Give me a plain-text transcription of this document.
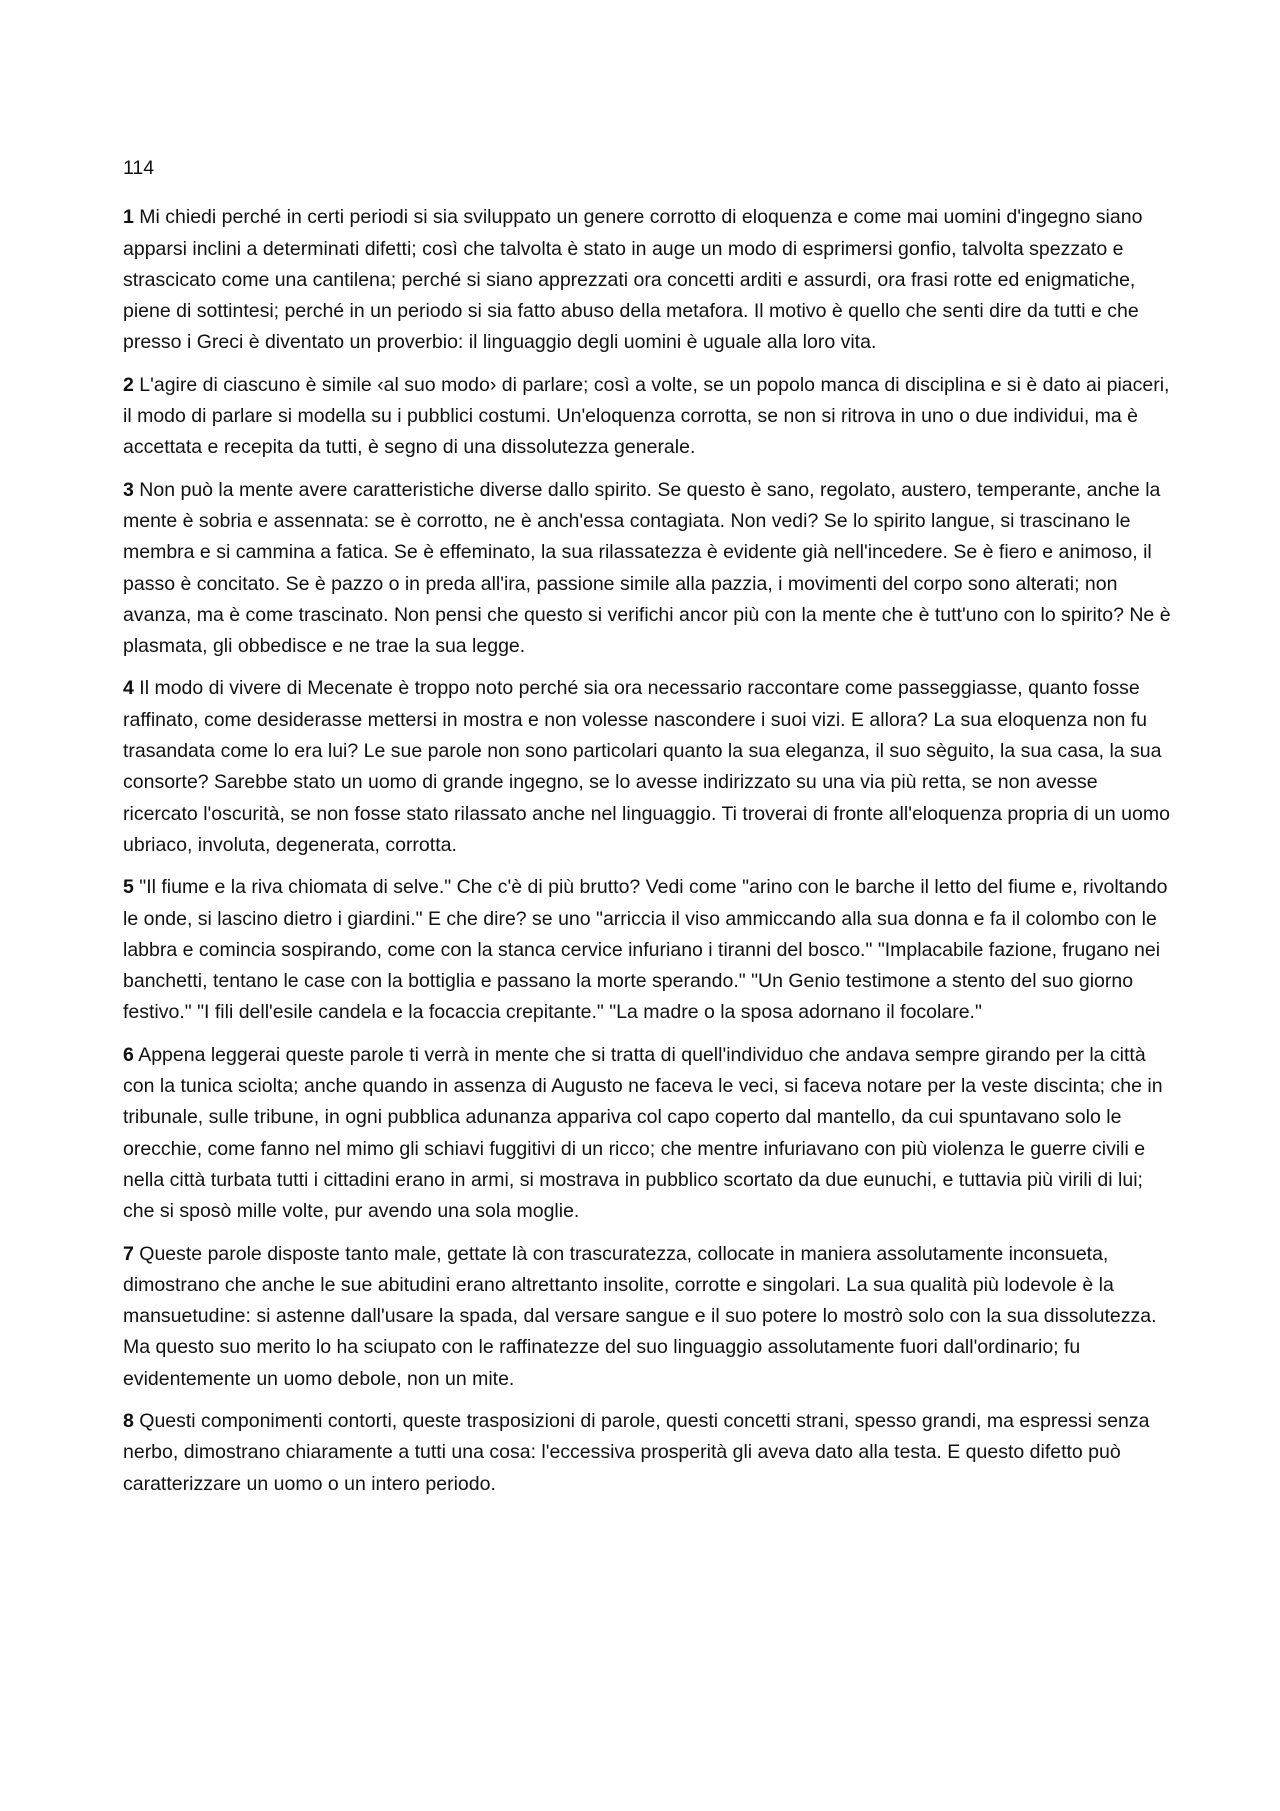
114

1 Mi chiedi perché in certi periodi si sia sviluppato un genere corrotto di eloquenza e come mai uomini d'ingegno siano apparsi inclini a determinati difetti; così che talvolta è stato in auge un modo di esprimersi gonfio, talvolta spezzato e strascicato come una cantilena; perché si siano apprezzati ora concetti arditi e assurdi, ora frasi rotte ed enigmatiche, piene di sottintesi; perché in un periodo si sia fatto abuso della metafora. Il motivo è quello che senti dire da tutti e che presso i Greci è diventato un proverbio: il linguaggio degli uomini è uguale alla loro vita.

2 L'agire di ciascuno è simile ‹al suo modo› di parlare; così a volte, se un popolo manca di disciplina e si è dato ai piaceri, il modo di parlare si modella su i pubblici costumi. Un'eloquenza corrotta, se non si ritrova in uno o due individui, ma è accettata e recepita da tutti, è segno di una dissolutezza generale.

3 Non può la mente avere caratteristiche diverse dallo spirito. Se questo è sano, regolato, austero, temperante, anche la mente è sobria e assennata: se è corrotto, ne è anch'essa contagiata. Non vedi? Se lo spirito langue, si trascinano le membra e si cammina a fatica. Se è effeminato, la sua rilassatezza è evidente già nell'incedere. Se è fiero e animoso, il passo è concitato. Se è pazzo o in preda all'ira, passione simile alla pazzia, i movimenti del corpo sono alterati; non avanza, ma è come trascinato. Non pensi che questo si verifichi ancor più con la mente che è tutt'uno con lo spirito? Ne è plasmata, gli obbedisce e ne trae la sua legge.

4 Il modo di vivere di Mecenate è troppo noto perché sia ora necessario raccontare come passeggiasse, quanto fosse raffinato, come desiderasse mettersi in mostra e non volesse nascondere i suoi vizi. E allora? La sua eloquenza non fu trasandata come lo era lui? Le sue parole non sono particolari quanto la sua eleganza, il suo sèguito, la sua casa, la sua consorte? Sarebbe stato un uomo di grande ingegno, se lo avesse indirizzato su una via più retta, se non avesse ricercato l'oscurità, se non fosse stato rilassato anche nel linguaggio. Ti troverai di fronte all'eloquenza propria di un uomo ubriaco, involuta, degenerata, corrotta.

5 "Il fiume e la riva chiomata di selve." Che c'è di più brutto? Vedi come "arino con le barche il letto del fiume e, rivoltando le onde, si lascino dietro i giardini." E che dire? se uno "arriccia il viso ammiccando alla sua donna e fa il colombo con le labbra e comincia sospirando, come con la stanca cervice infuriano i tiranni del bosco." "Implacabile fazione, frugano nei banchetti, tentano le case con la bottiglia e passano la morte sperando." "Un Genio testimone a stento del suo giorno festivo." "I fili dell'esile candela e la focaccia crepitante." "La madre o la sposa adornano il focolare."

6 Appena leggerai queste parole ti verrà in mente che si tratta di quell'individuo che andava sempre girando per la città con la tunica sciolta; anche quando in assenza di Augusto ne faceva le veci, si faceva notare per la veste discinta; che in tribunale, sulle tribune, in ogni pubblica adunanza appariva col capo coperto dal mantello, da cui spuntavano solo le orecchie, come fanno nel mimo gli schiavi fuggitivi di un ricco; che mentre infuriavano con più violenza le guerre civili e nella città turbata tutti i cittadini erano in armi, si mostrava in pubblico scortato da due eunuchi, e tuttavia più virili di lui; che si sposò mille volte, pur avendo una sola moglie.

7 Queste parole disposte tanto male, gettate là con trascuratezza, collocate in maniera assolutamente inconsueta, dimostrano che anche le sue abitudini erano altrettanto insolite, corrotte e singolari. La sua qualità più lodevole è la mansuetudine: si astenne dall'usare la spada, dal versare sangue e il suo potere lo mostrò solo con la sua dissolutezza. Ma questo suo merito lo ha sciupato con le raffinatezze del suo linguaggio assolutamente fuori dall'ordinario; fu evidentemente un uomo debole, non un mite.

8 Questi componimenti contorti, queste trasposizioni di parole, questi concetti strani, spesso grandi, ma espressi senza nerbo, dimostrano chiaramente a tutti una cosa: l'eccessiva prosperità gli aveva dato alla testa. E questo difetto può caratterizzare un uomo o un intero periodo.
